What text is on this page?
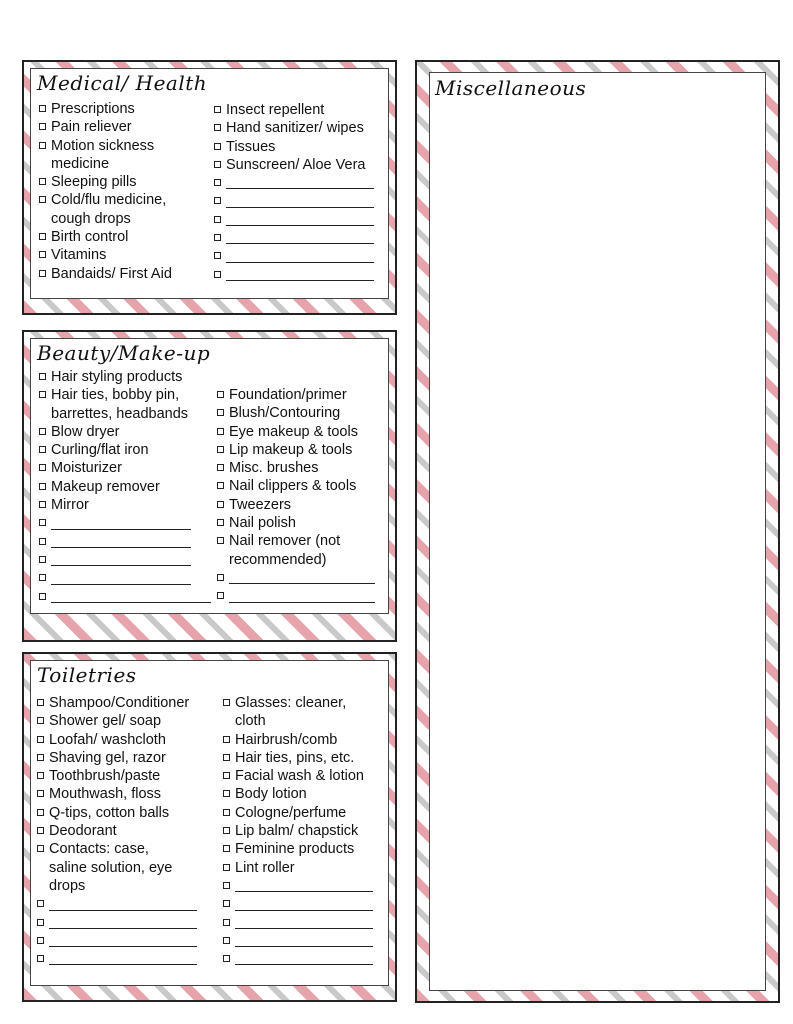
Medical/ Health
Prescriptions
Pain reliever
Motion sickness
medicine
Sleeping pills
Cold/flu medicine,
cough drops
Birth control
Vitamins
Bandaids/ First Aid
Insect repellent
Hand sanitizer/ wipes
Tissues
Sunscreen/ Aloe Vera

Beauty/Make-up
Hair styling products
Hair ties, bobby pin,
barrettes, headbands
Blow dryer
Curling/flat iron
Moisturizer
Makeup remover
Mirror

Foundation/primer
Blush/Contouring
Eye makeup & tools
Lip makeup & tools
Misc. brushes
Nail clippers & tools
Tweezers
Nail polish
Nail remover (not
recommended)

Toiletries
Shampoo/Conditioner
Shower gel/ soap
Loofah/ washcloth
Shaving gel, razor
Toothbrush/paste
Mouthwash, floss
Q-tips, cotton balls
Deodorant
Contacts: case,
saline solution, eye
drops

Glasses: cleaner,
cloth
Hairbrush/comb
Hair ties, pins, etc.
Facial wash & lotion
Body lotion
Cologne/perfume
Lip balm/ chapstick
Feminine products
Lint roller

Miscellaneous
